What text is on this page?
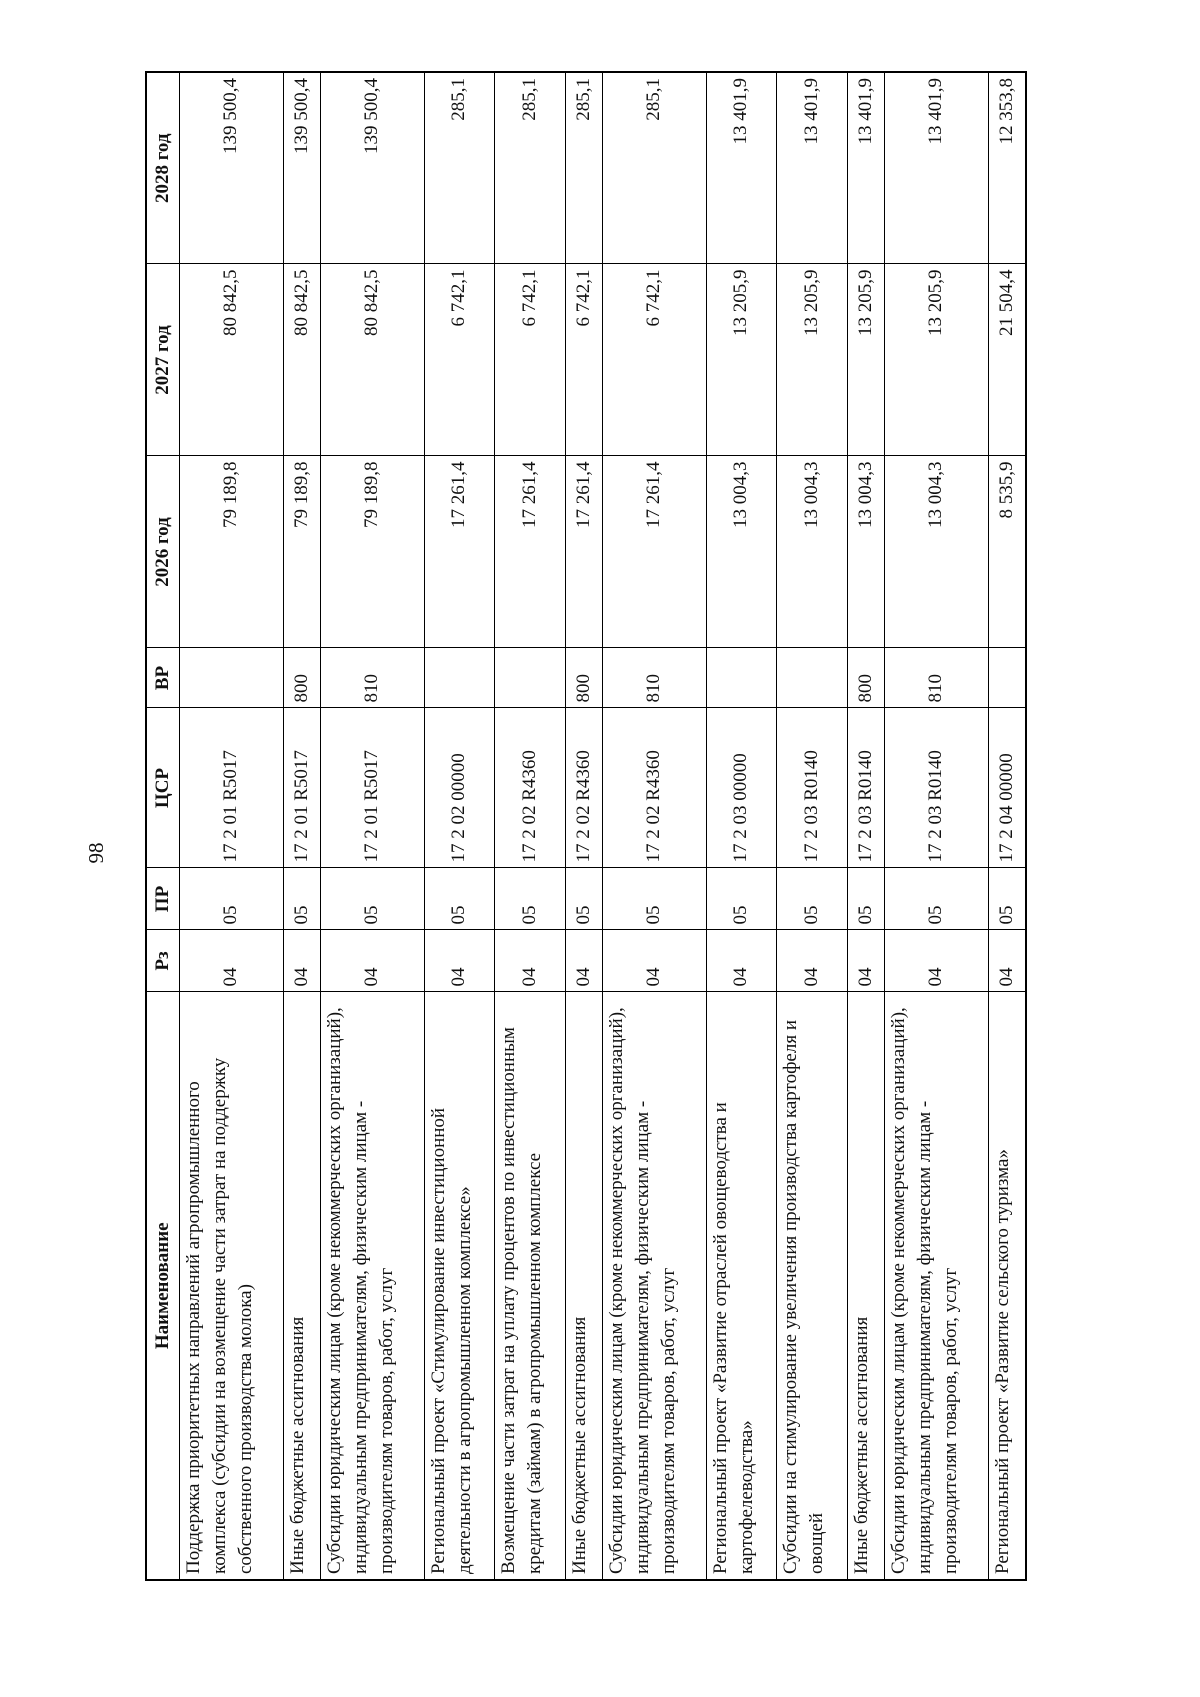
98
Наименование	Рз	ПР	ЦСР	ВР	2026 год	2027 год	2028 год
Поддержка приоритетных направлений агропромышленного комплекса (субсидии на возмещение части затрат на поддержку собственного производства молока)	04	05	17 2 01 R5017		79 189,8	80 842,5	139 500,4
Иные бюджетные ассигнования	04	05	17 2 01 R5017	800	79 189,8	80 842,5	139 500,4
Субсидии юридическим лицам (кроме некоммерческих организаций), индивидуальным предпринимателям, физическим лицам - производителям товаров, работ, услуг	04	05	17 2 01 R5017	810	79 189,8	80 842,5	139 500,4
Региональный проект «Стимулирование инвестиционной деятельности в агропромышленном комплексе»	04	05	17 2 02 00000		17 261,4	6 742,1	285,1
Возмещение части затрат на уплату процентов по инвестиционным кредитам (займам) в агропромышленном комплексе	04	05	17 2 02 R4360		17 261,4	6 742,1	285,1
Иные бюджетные ассигнования	04	05	17 2 02 R4360	800	17 261,4	6 742,1	285,1
Субсидии юридическим лицам (кроме некоммерческих организаций), индивидуальным предпринимателям, физическим лицам - производителям товаров, работ, услуг	04	05	17 2 02 R4360	810	17 261,4	6 742,1	285,1
Региональный проект «Развитие отраслей овощеводства и картофелеводства»	04	05	17 2 03 00000		13 004,3	13 205,9	13 401,9
Субсидии на стимулирование увеличения производства картофеля и овощей	04	05	17 2 03 R0140		13 004,3	13 205,9	13 401,9
Иные бюджетные ассигнования	04	05	17 2 03 R0140	800	13 004,3	13 205,9	13 401,9
Субсидии юридическим лицам (кроме некоммерческих организаций), индивидуальным предпринимателям, физическим лицам - производителям товаров, работ, услуг	04	05	17 2 03 R0140	810	13 004,3	13 205,9	13 401,9
Региональный проект «Развитие сельского туризма»	04	05	17 2 04 00000		8 535,9	21 504,4	12 353,8
